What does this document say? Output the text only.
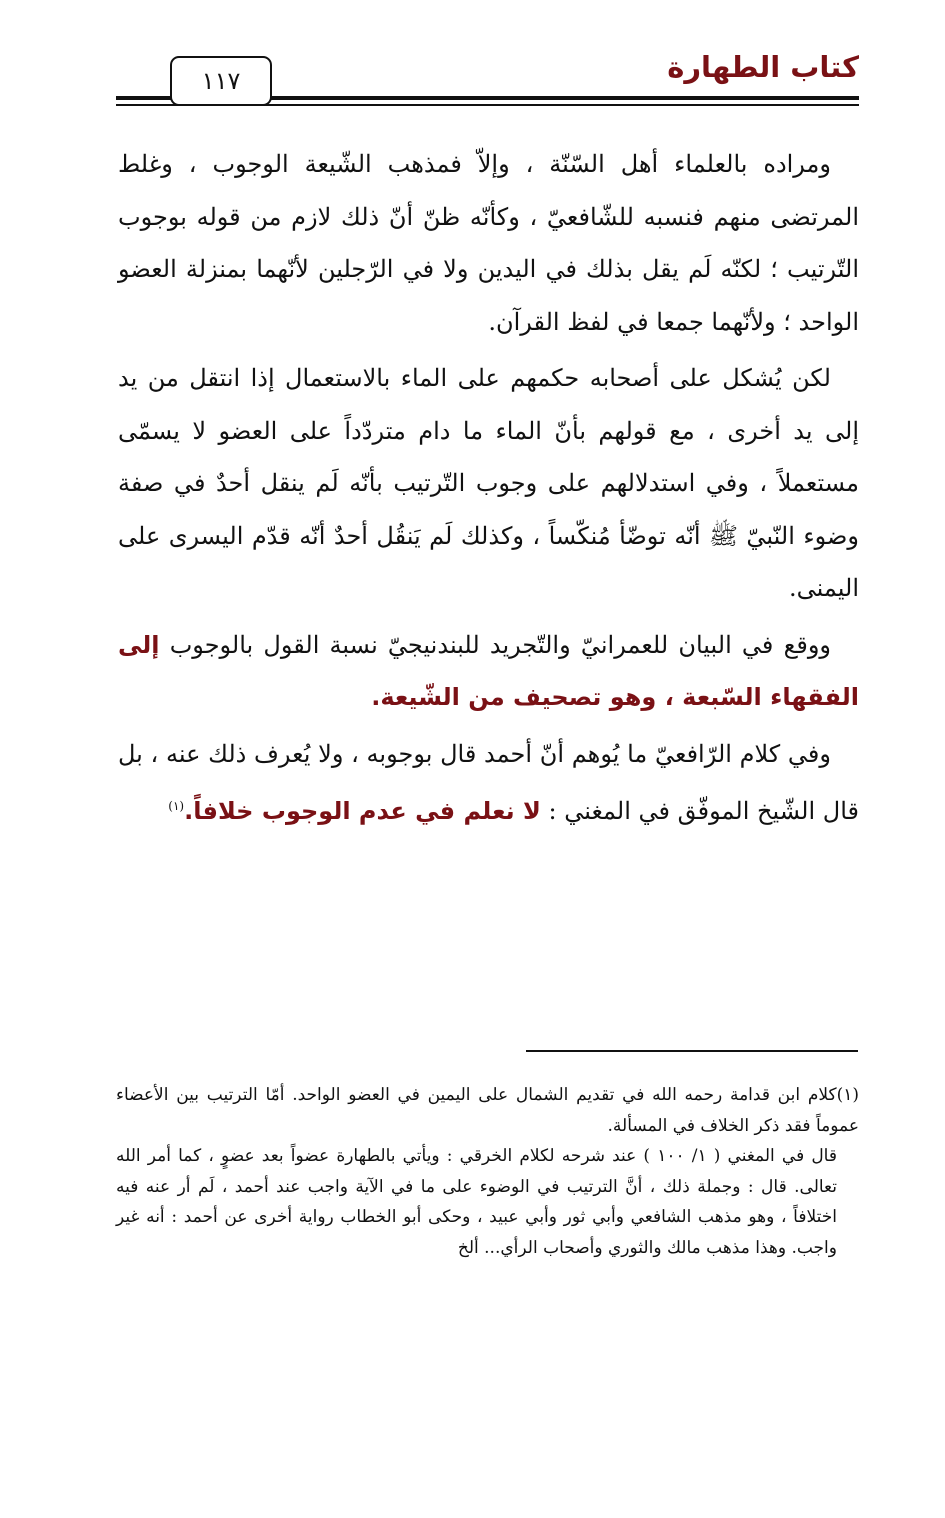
كتاب الطهارة
١١٧

ومراده بالعلماء أهل السّنّة ، وإلاّ فمذهب الشّيعة الوجوب ، وغلط المرتضى منهم فنسبه للشّافعيّ ، وكأنّه ظنّ أنّ ذلك لازم من قوله بوجوب التّرتيب ؛ لكنّه لَم يقل بذلك في اليدين ولا في الرّجلين لأنّهما بمنزلة العضو الواحد ؛ ولأنّهما جمعا في لفظ القرآن.

لكن يُشكل على أصحابه حكمهم على الماء بالاستعمال إذا انتقل من يد إلى يد أخرى ، مع قولهم بأنّ الماء ما دام متردّداً على العضو لا يسمّى مستعملاً ، وفي استدلالهم على وجوب التّرتيب بأنّه لَم ينقل أحدٌ في صفة وضوء النّبيّ ﷺ أنّه توضّأ مُنكّساً ، وكذلك لَم يَنقُل أحدٌ أنّه قدّم اليسرى على اليمنى.

ووقع في البيان للعمرانيّ والتّجريد للبندنيجيّ نسبة القول بالوجوب إلى الفقهاء السّبعة ، وهو تصحيف من الشّيعة.

وفي كلام الرّافعيّ ما يُوهم أنّ أحمد قال بوجوبه ، ولا يُعرف ذلك عنه ، بل قال الشّيخ الموفّق في المغني : لا نعلم في عدم الوجوب خلافاً.$^{(١)}$

(١)كلام ابن قدامة رحمه الله في تقديم الشمال على اليمين في العضو الواحد. أمّا الترتيب بين الأعضاء عموماً فقد ذكر الخلاف في المسألة.

قال في المغني ( ١/ ١٠٠ ) عند شرحه لكلام الخرقي : ويأتي بالطهارة عضواً بعد عضوٍ ، كما أمر الله تعالى. قال : وجملة ذلك ، أنَّ الترتيب في الوضوء على ما في الآية واجب عند أحمد ، لَم أر عنه فيه اختلافاً ، وهو مذهب الشافعي وأبي ثور وأبي عبيد ، وحكى أبو الخطاب رواية أخرى عن أحمد : أنه غير واجب. وهذا مذهب مالك والثوري وأصحاب الرأي... ألخ
